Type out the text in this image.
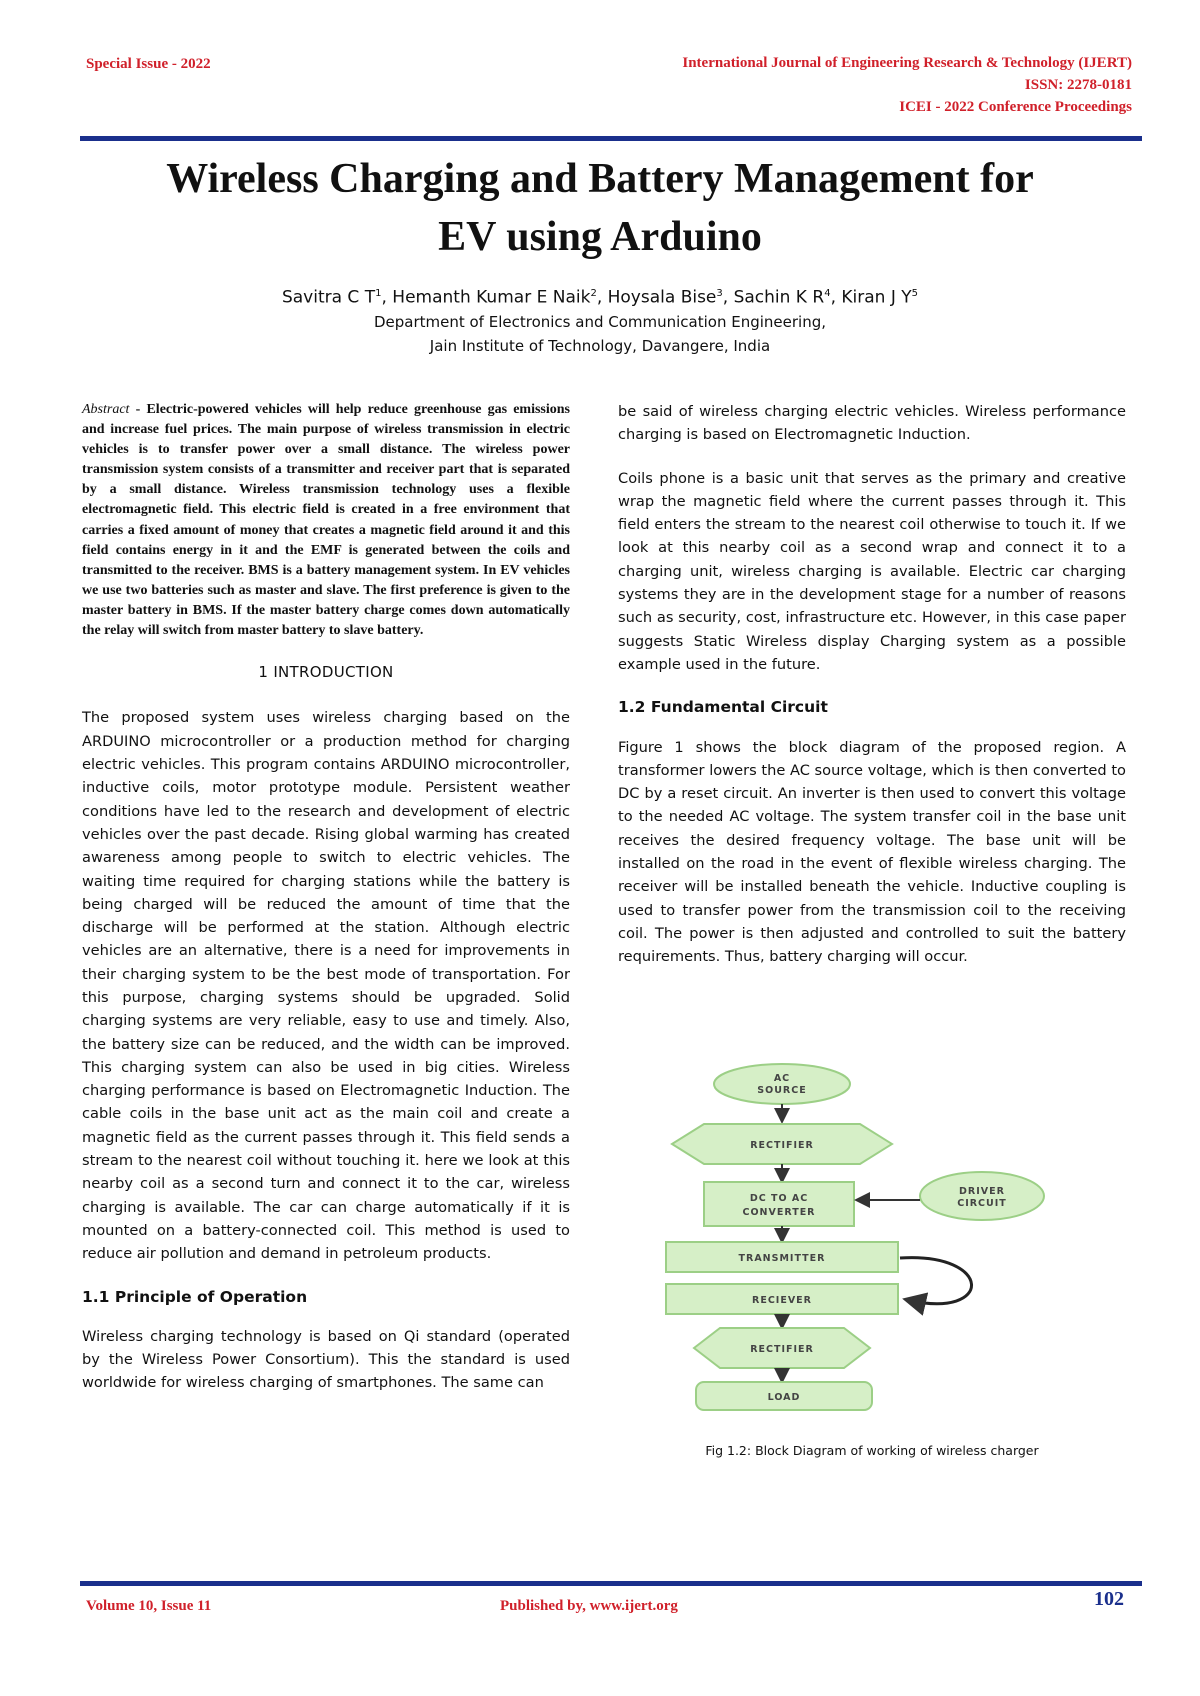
Special Issue - 2022	International Journal of Engineering Research & Technology (IJERT)
ISSN: 2278-0181
ICEI - 2022 Conference Proceedings
Wireless Charging and Battery Management for
EV using Arduino
Savitra C $T^1$, Hemanth Kumar E Naik$^2$, Hoysala Bise$^3$, Sachin K $R^4$, Kiran J $Y^5$
Department of Electronics and Communication Engineering,
Jain Institute of Technology, Davangere, India
Abstract - Electric-powered vehicles will help reduce greenhouse gas emissions and increase fuel prices. The main purpose of wireless transmission in electric vehicles is to transfer power over a small distance. The wireless power transmission system consists of a transmitter and receiver part that is separated by a small distance. Wireless transmission technology uses a flexible electromagnetic field. This electric field is created in a free environment that carries a fixed amount of money that creates a magnetic field around it and this field contains energy in it and the EMF is generated between the coils and transmitted to the receiver. BMS is a battery management system. In EV vehicles we use two batteries such as master and slave. The first preference is given to the master battery in BMS. If the master battery charge comes down automatically the relay will switch from master battery to slave battery.
1 INTRODUCTION

The proposed system uses wireless charging based on the ARDUINO microcontroller or a production method for charging electric vehicles. This program contains ARDUINO microcontroller, inductive coils, motor prototype module. Persistent weather conditions have led to the research and development of electric vehicles over the past decade. Rising global warming has created awareness among people to switch to electric vehicles. The waiting time required for charging stations while the battery is being charged will be reduced the amount of time that the discharge will be performed at the station. Although electric vehicles are an alternative, there is a need for improvements in their charging system to be the best mode of transportation. For this purpose, charging systems should be upgraded. Solid charging systems are very reliable, easy to use and timely. Also, the battery size can be reduced, and the width can be improved. This charging system can also be used in big cities. Wireless charging performance is based on Electromagnetic Induction. The cable coils in the base unit act as the main coil and create a magnetic field as the current passes through it. This field sends a stream to the nearest coil without touching it. here we look at this nearby coil as a second turn and connect it to the car, wireless charging is available. The car can charge automatically if it is mounted on a battery-connected coil. This method is used to reduce air pollution and demand in petroleum products.

1.1 Principle of Operation

Wireless charging technology is based on Qi standard (operated by the Wireless Power Consortium). This the standard is used worldwide for wireless charging of smartphones. The same can

be said of wireless charging electric vehicles. Wireless performance charging is based on Electromagnetic Induction.

Coils phone is a basic unit that serves as the primary and creative wrap the magnetic field where the current passes through it. This field enters the stream to the nearest coil otherwise to touch it. If we look at this nearby coil as a second wrap and connect it to a charging unit, wireless charging is available. Electric car charging systems they are in the development stage for a number of reasons such as security, cost, infrastructure etc. However, in this case paper suggests Static Wireless display Charging system as a possible example used in the future.

1.2 Fundamental Circuit

Figure 1 shows the block diagram of the proposed region. A transformer lowers the AC source voltage, which is then converted to DC by a reset circuit. An inverter is then used to convert this voltage to the needed AC voltage. The system transfer coil in the base unit receives the desired frequency voltage. The base unit will be installed on the road in the event of flexible wireless charging. The receiver will be installed beneath the vehicle. Inductive coupling is used to transfer power from the transmission coil to the receiving coil. The power is then adjusted and controlled to suit the battery requirements. Thus, battery charging will occur.

AC
SOURCE
RECTIFIER
DC TO AC
CONVERTER
DRIVER
CIRCUIT
TRANSMITTER
RECIEVER
RECTIFIER
LOAD
Fig 1.2: Block Diagram of working of wireless charger
Volume 10, Issue 11	Published by, www.ijert.org	102
